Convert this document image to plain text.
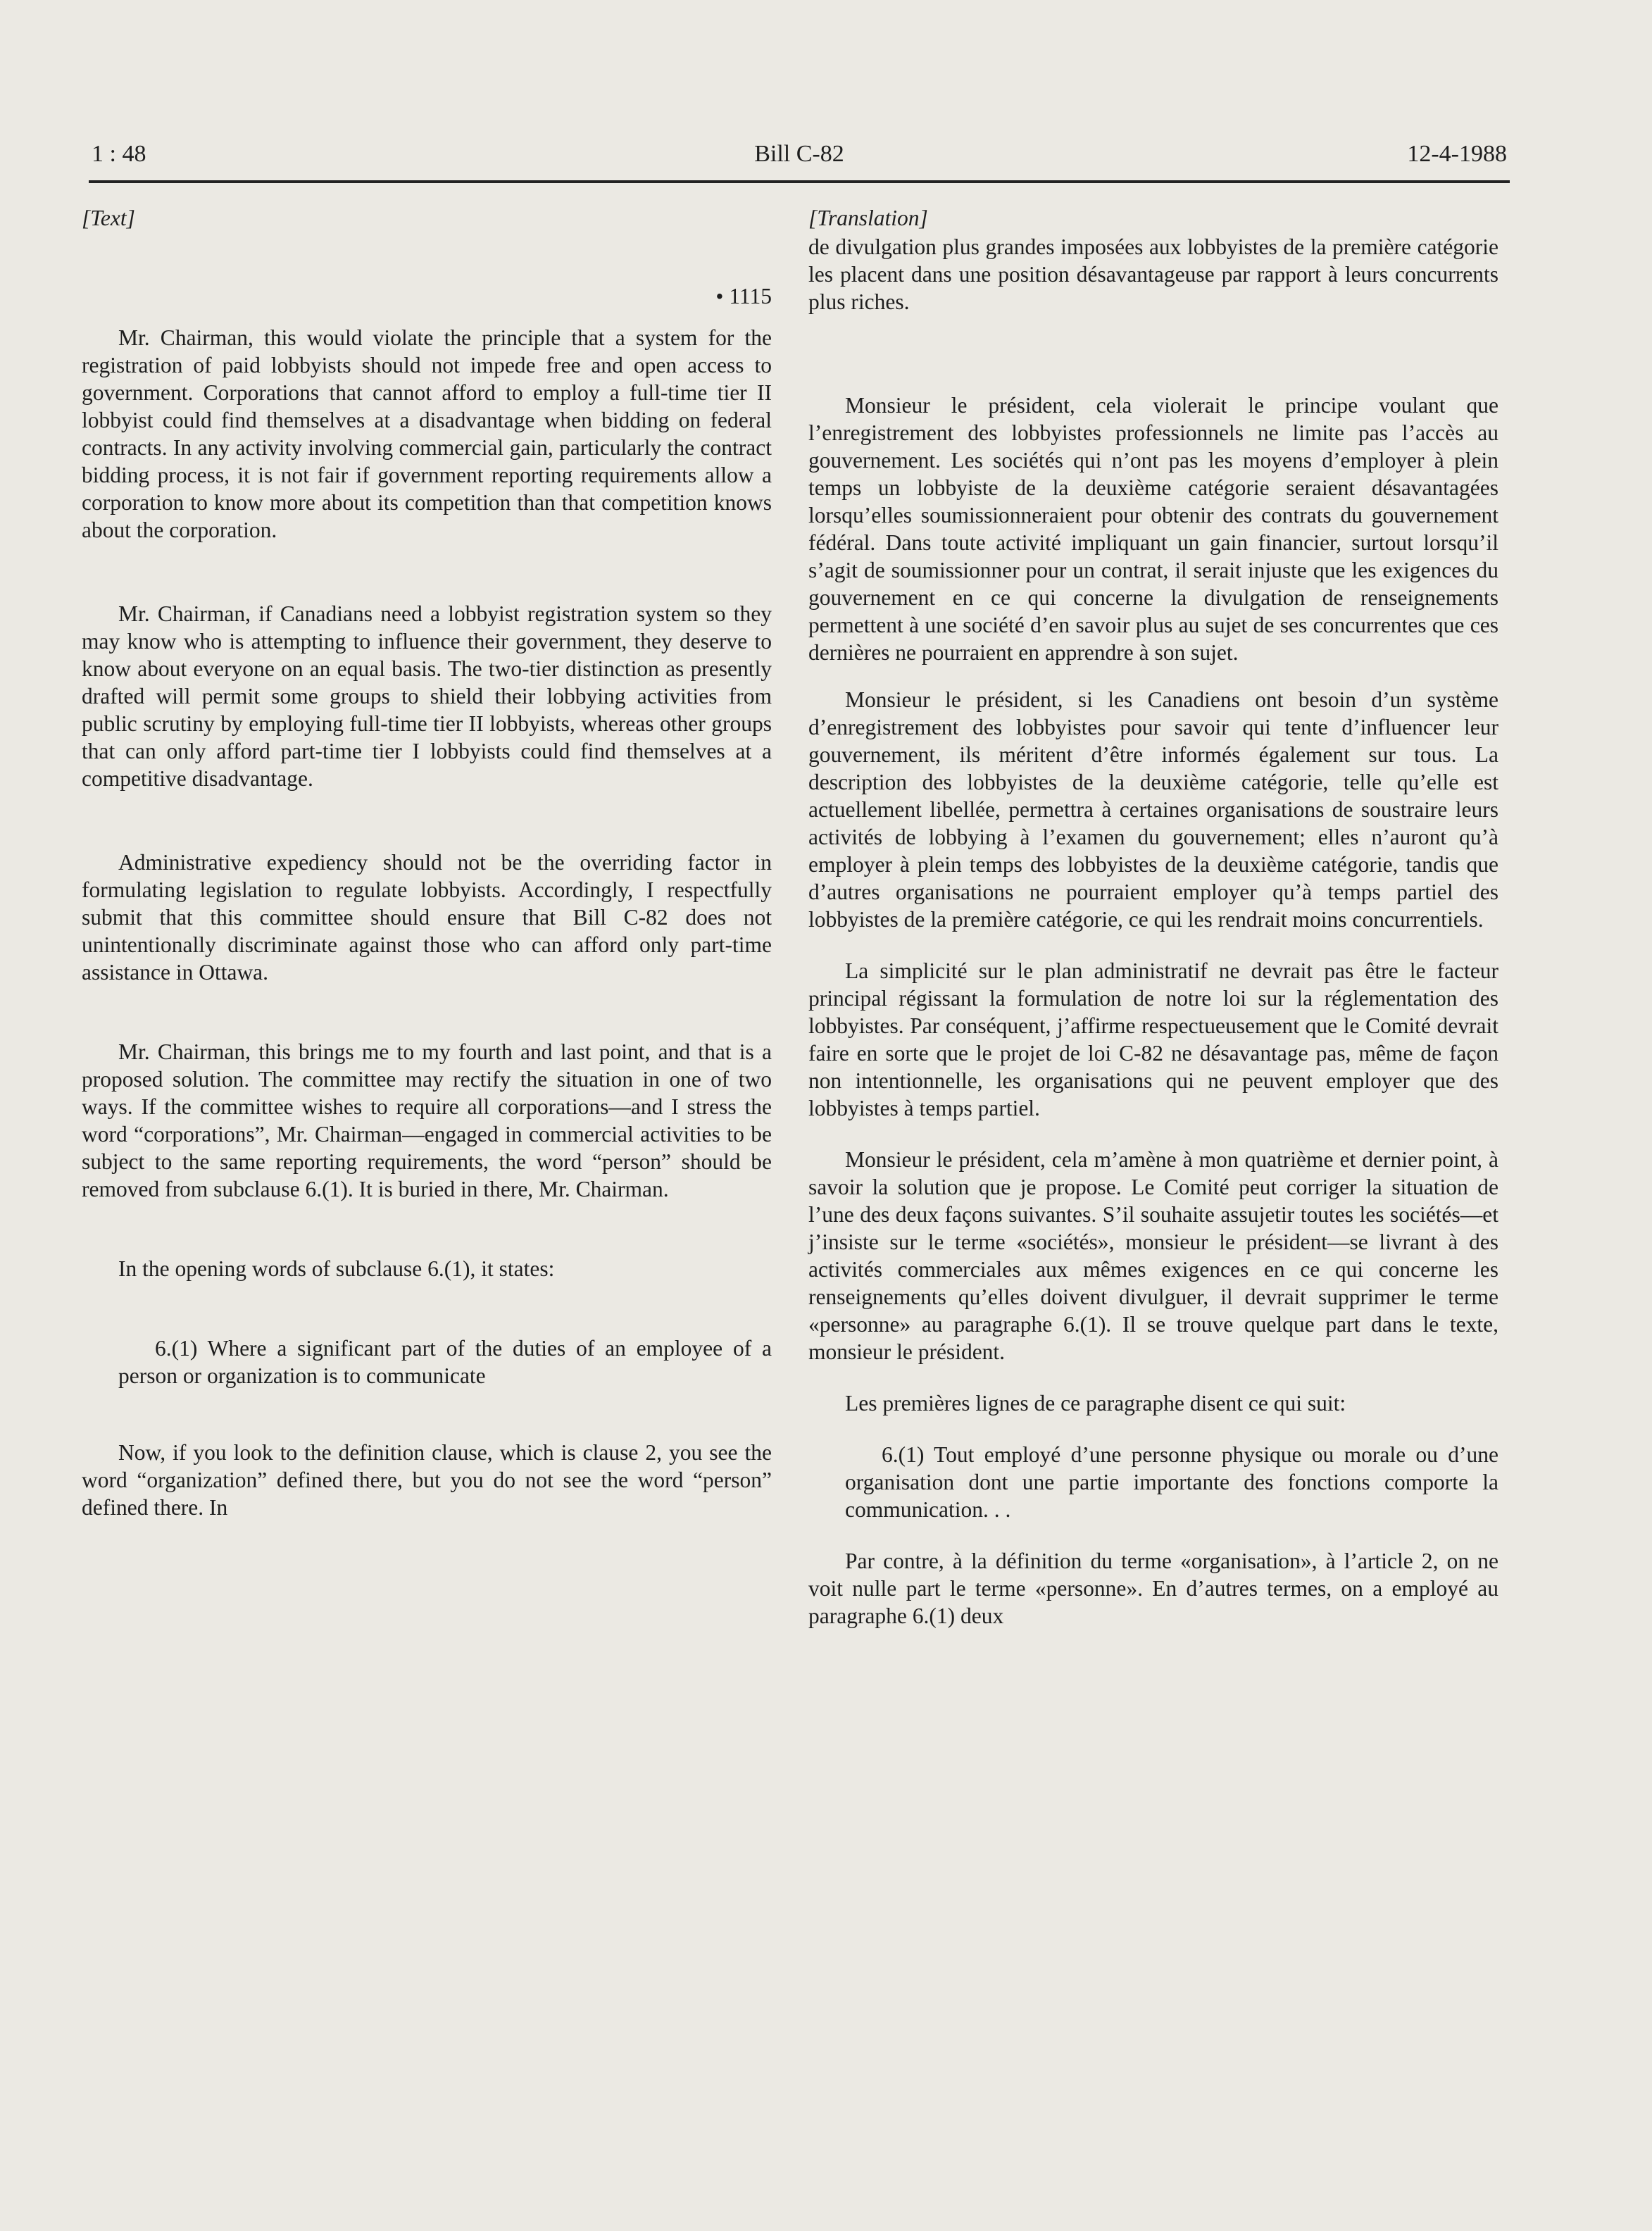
1 : 48	Bill C-82	12-4-1988

[Text]

• 1115

Mr. Chairman, this would violate the principle that a system for the registration of paid lobbyists should not impede free and open access to government. Corporations that cannot afford to employ a full-time tier II lobbyist could find themselves at a disadvantage when bidding on federal contracts. In any activity involving commercial gain, particularly the contract bidding process, it is not fair if government reporting requirements allow a corporation to know more about its competition than that competition knows about the corporation.

Mr. Chairman, if Canadians need a lobbyist registration system so they may know who is attempting to influence their government, they deserve to know about everyone on an equal basis. The two-tier distinction as presently drafted will permit some groups to shield their lobbying activities from public scrutiny by employing full-time tier II lobbyists, whereas other groups that can only afford part-time tier I lobbyists could find themselves at a competitive disadvantage.

Administrative expediency should not be the overriding factor in formulating legislation to regulate lobbyists. Accordingly, I respectfully submit that this committee should ensure that Bill C-82 does not unintentionally discriminate against those who can afford only part-time assistance in Ottawa.

Mr. Chairman, this brings me to my fourth and last point, and that is a proposed solution. The committee may rectify the situation in one of two ways. If the committee wishes to require all corporations—and I stress the word “corporations”, Mr. Chairman—engaged in commercial activities to be subject to the same reporting requirements, the word “person” should be removed from subclause 6.(1). It is buried in there, Mr. Chairman.

In the opening words of subclause 6.(1), it states:

6.(1) Where a significant part of the duties of an employee of a person or organization is to communicate

Now, if you look to the definition clause, which is clause 2, you see the word “organization” defined there, but you do not see the word “person” defined there. In

[Translation]

de divulgation plus grandes imposées aux lobbyistes de la première catégorie les placent dans une position désavantageuse par rapport à leurs concurrents plus riches.

Monsieur le président, cela violerait le principe voulant que l’enregistrement des lobbyistes professionnels ne limite pas l’accès au gouvernement. Les sociétés qui n’ont pas les moyens d’employer à plein temps un lobbyiste de la deuxième catégorie seraient désavantagées lorsqu’elles soumissionneraient pour obtenir des contrats du gouvernement fédéral. Dans toute activité impliquant un gain financier, surtout lorsqu’il s’agit de soumissionner pour un contrat, il serait injuste que les exigences du gouvernement en ce qui concerne la divulgation de renseignements permettent à une société d’en savoir plus au sujet de ses concurrentes que ces dernières ne pourraient en apprendre à son sujet.

Monsieur le président, si les Canadiens ont besoin d’un système d’enregistrement des lobbyistes pour savoir qui tente d’influencer leur gouvernement, ils méritent d’être informés également sur tous. La description des lobbyistes de la deuxième catégorie, telle qu’elle est actuellement libellée, permettra à certaines organisations de soustraire leurs activités de lobbying à l’examen du gouvernement; elles n’auront qu’à employer à plein temps des lobbyistes de la deuxième catégorie, tandis que d’autres organisations ne pourraient employer qu’à temps partiel des lobbyistes de la première catégorie, ce qui les rendrait moins concurrentiels.

La simplicité sur le plan administratif ne devrait pas être le facteur principal régissant la formulation de notre loi sur la réglementation des lobbyistes. Par conséquent, j’affirme respectueusement que le Comité devrait faire en sorte que le projet de loi C-82 ne désavantage pas, même de façon non intentionnelle, les organisations qui ne peuvent employer que des lobbyistes à temps partiel.

Monsieur le président, cela m’amène à mon quatrième et dernier point, à savoir la solution que je propose. Le Comité peut corriger la situation de l’une des deux façons suivantes. S’il souhaite assujetir toutes les sociétés—et j’insiste sur le terme «sociétés», monsieur le président—se livrant à des activités commerciales aux mêmes exigences en ce qui concerne les renseignements qu’elles doivent divulguer, il devrait supprimer le terme «personne» au paragraphe 6.(1). Il se trouve quelque part dans le texte, monsieur le président.

Les premières lignes de ce paragraphe disent ce qui suit:

6.(1) Tout employé d’une personne physique ou morale ou d’une organisation dont une partie importante des fonctions comporte la communication. . .

Par contre, à la définition du terme «organisation», à l’article 2, on ne voit nulle part le terme «personne». En d’autres termes, on a employé au paragraphe 6.(1) deux
